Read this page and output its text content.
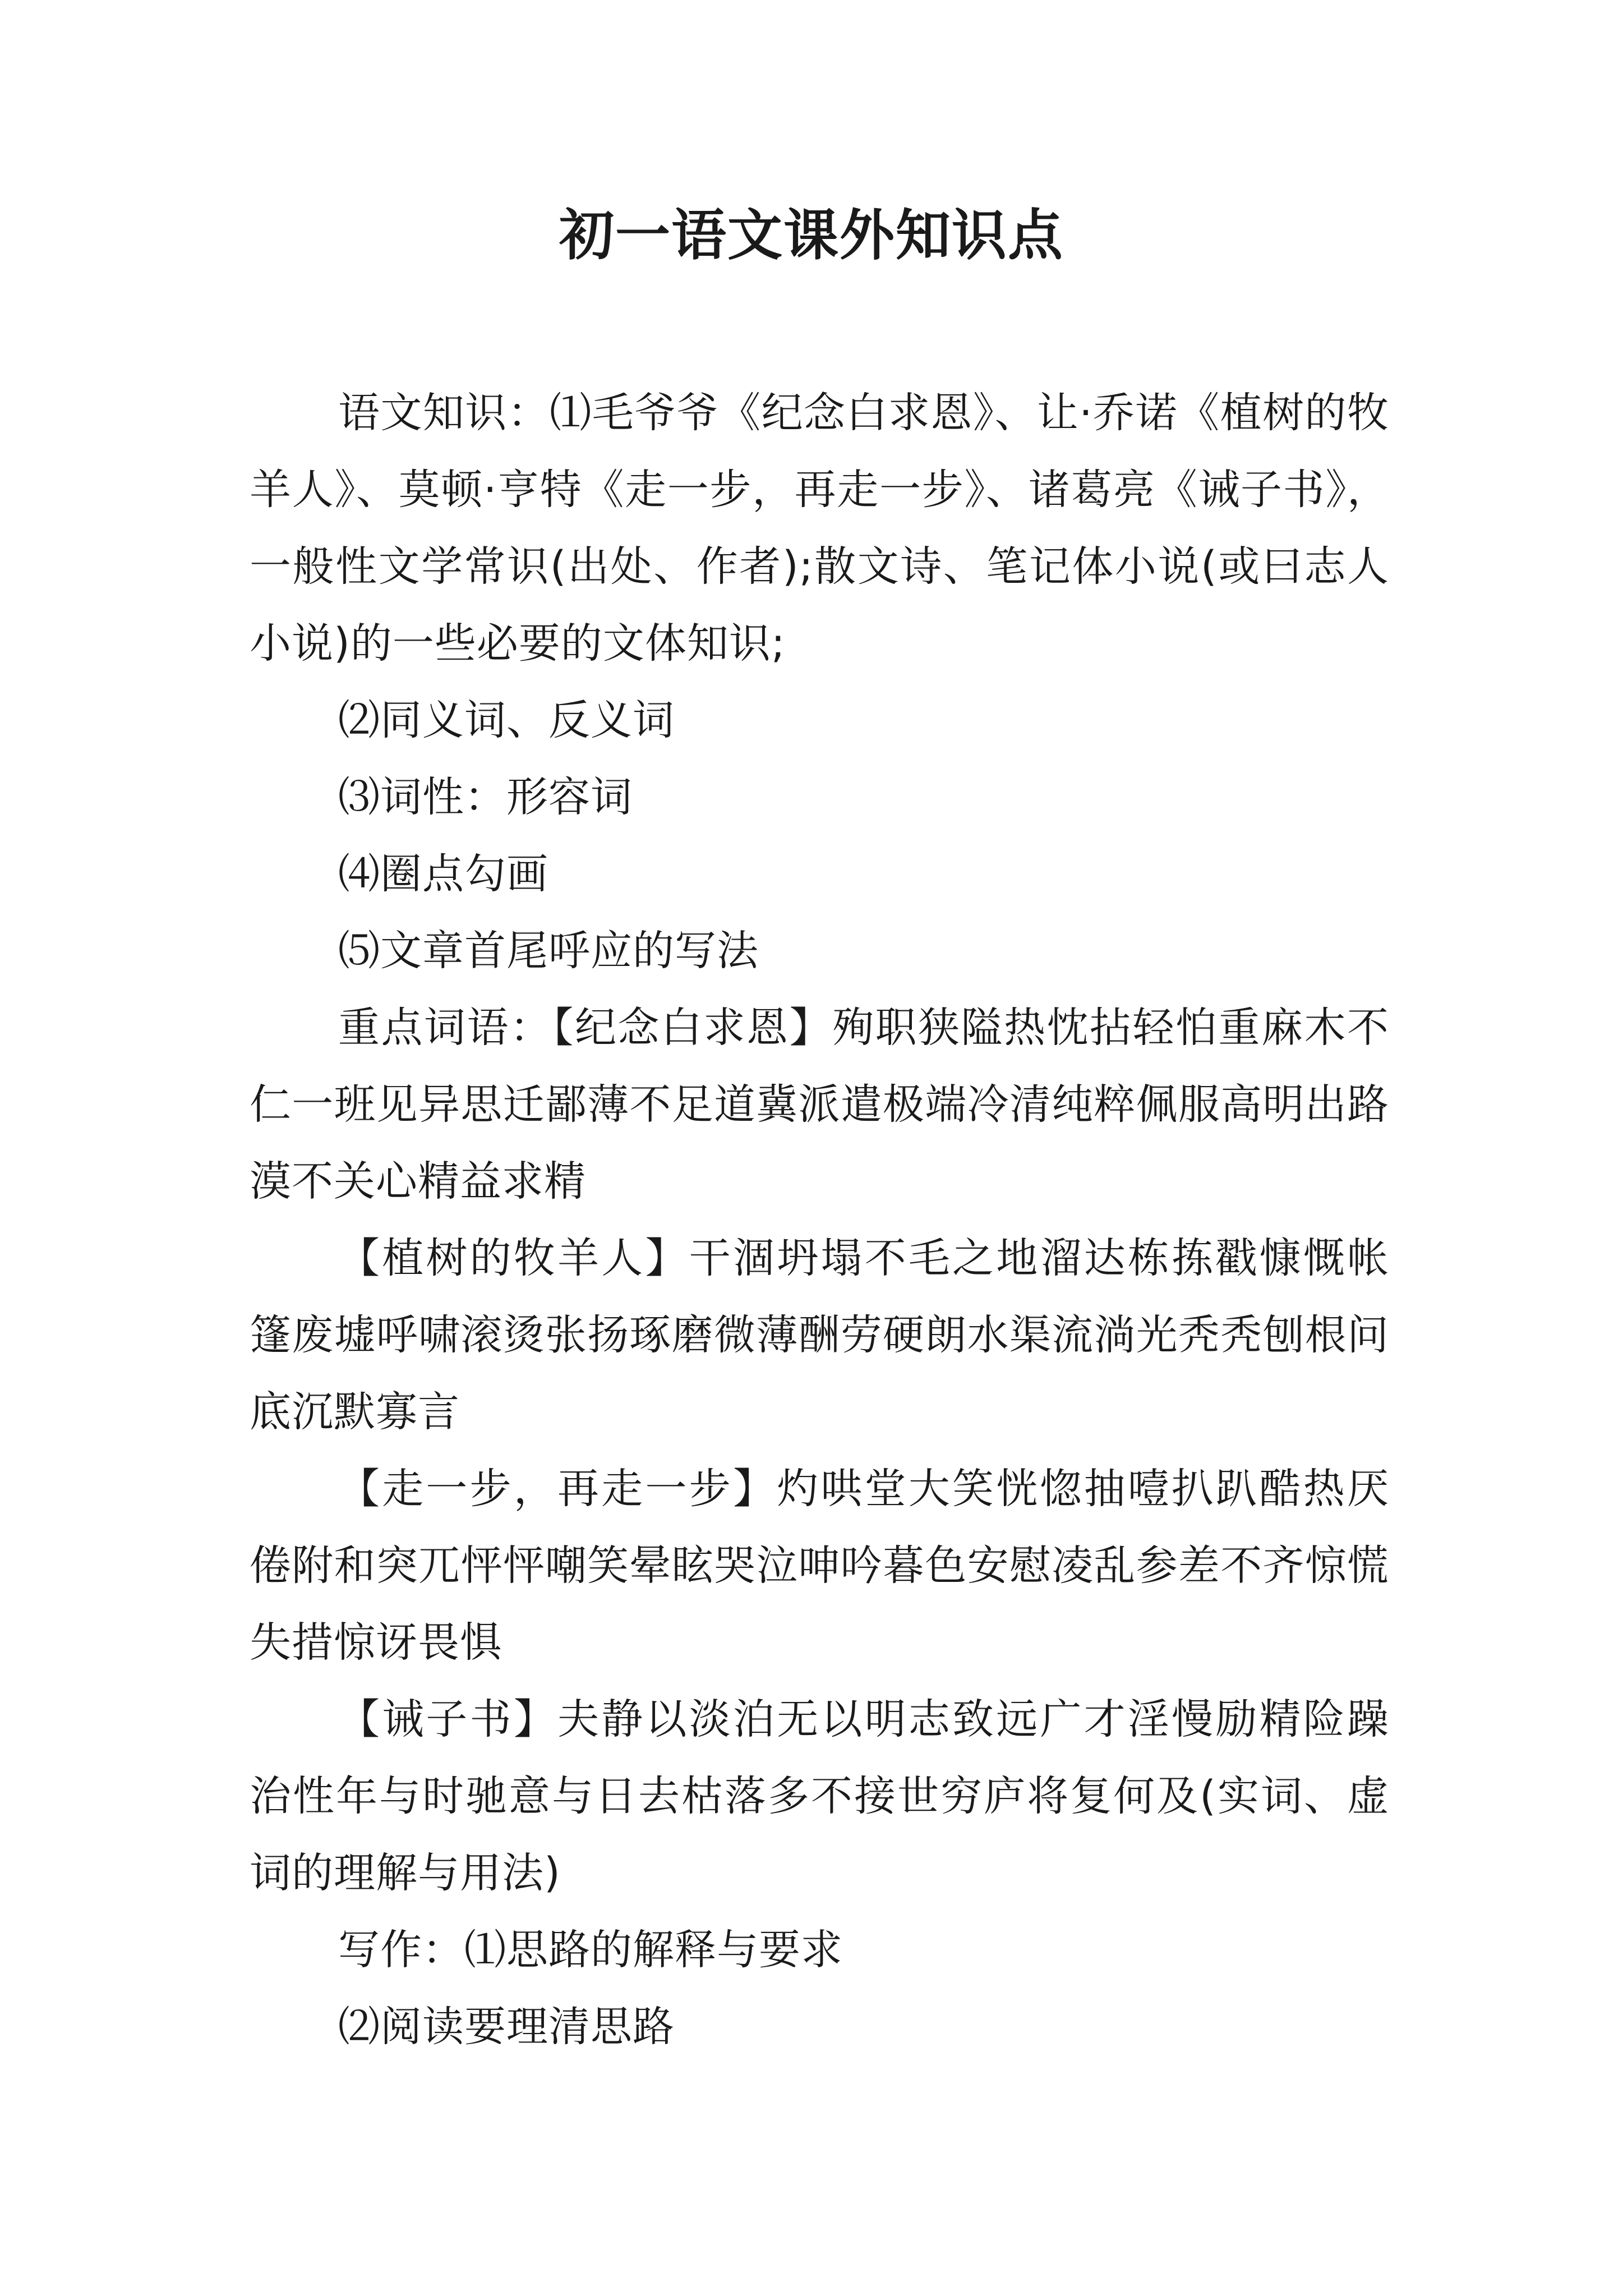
初一语文课外知识点

语文知识：⑴毛爷爷《纪念白求恩》、让·乔诺《植树的牧羊人》、莫顿·亨特《走一步，再走一步》、诸葛亮《诫子书》，一般性文学常识(出处、作者);散文诗、笔记体小说(或曰志人小说)的一些必要的文体知识;

⑵同义词、反义词

⑶词性：形容词

⑷圈点勾画

⑸文章首尾呼应的写法

重点词语：【纪念白求恩】殉职狭隘热忱拈轻怕重麻木不仁一班见异思迁鄙薄不足道冀派遣极端冷清纯粹佩服高明出路漠不关心精益求精

【植树的牧羊人】干涸坍塌不毛之地溜达栋拣戳慷慨帐篷废墟呼啸滚烫张扬琢磨微薄酬劳硬朗水渠流淌光秃秃刨根问底沉默寡言

【走一步，再走一步】灼哄堂大笑恍惚抽噎扒趴酷热厌倦附和突兀怦怦嘲笑晕眩哭泣呻吟暮色安慰凌乱参差不齐惊慌失措惊讶畏惧

【诫子书】夫静以淡泊无以明志致远广才淫慢励精险躁治性年与时驰意与日去枯落多不接世穷庐将复何及(实词、虚词的理解与用法)

写作：⑴思路的解释与要求

⑵阅读要理清思路
